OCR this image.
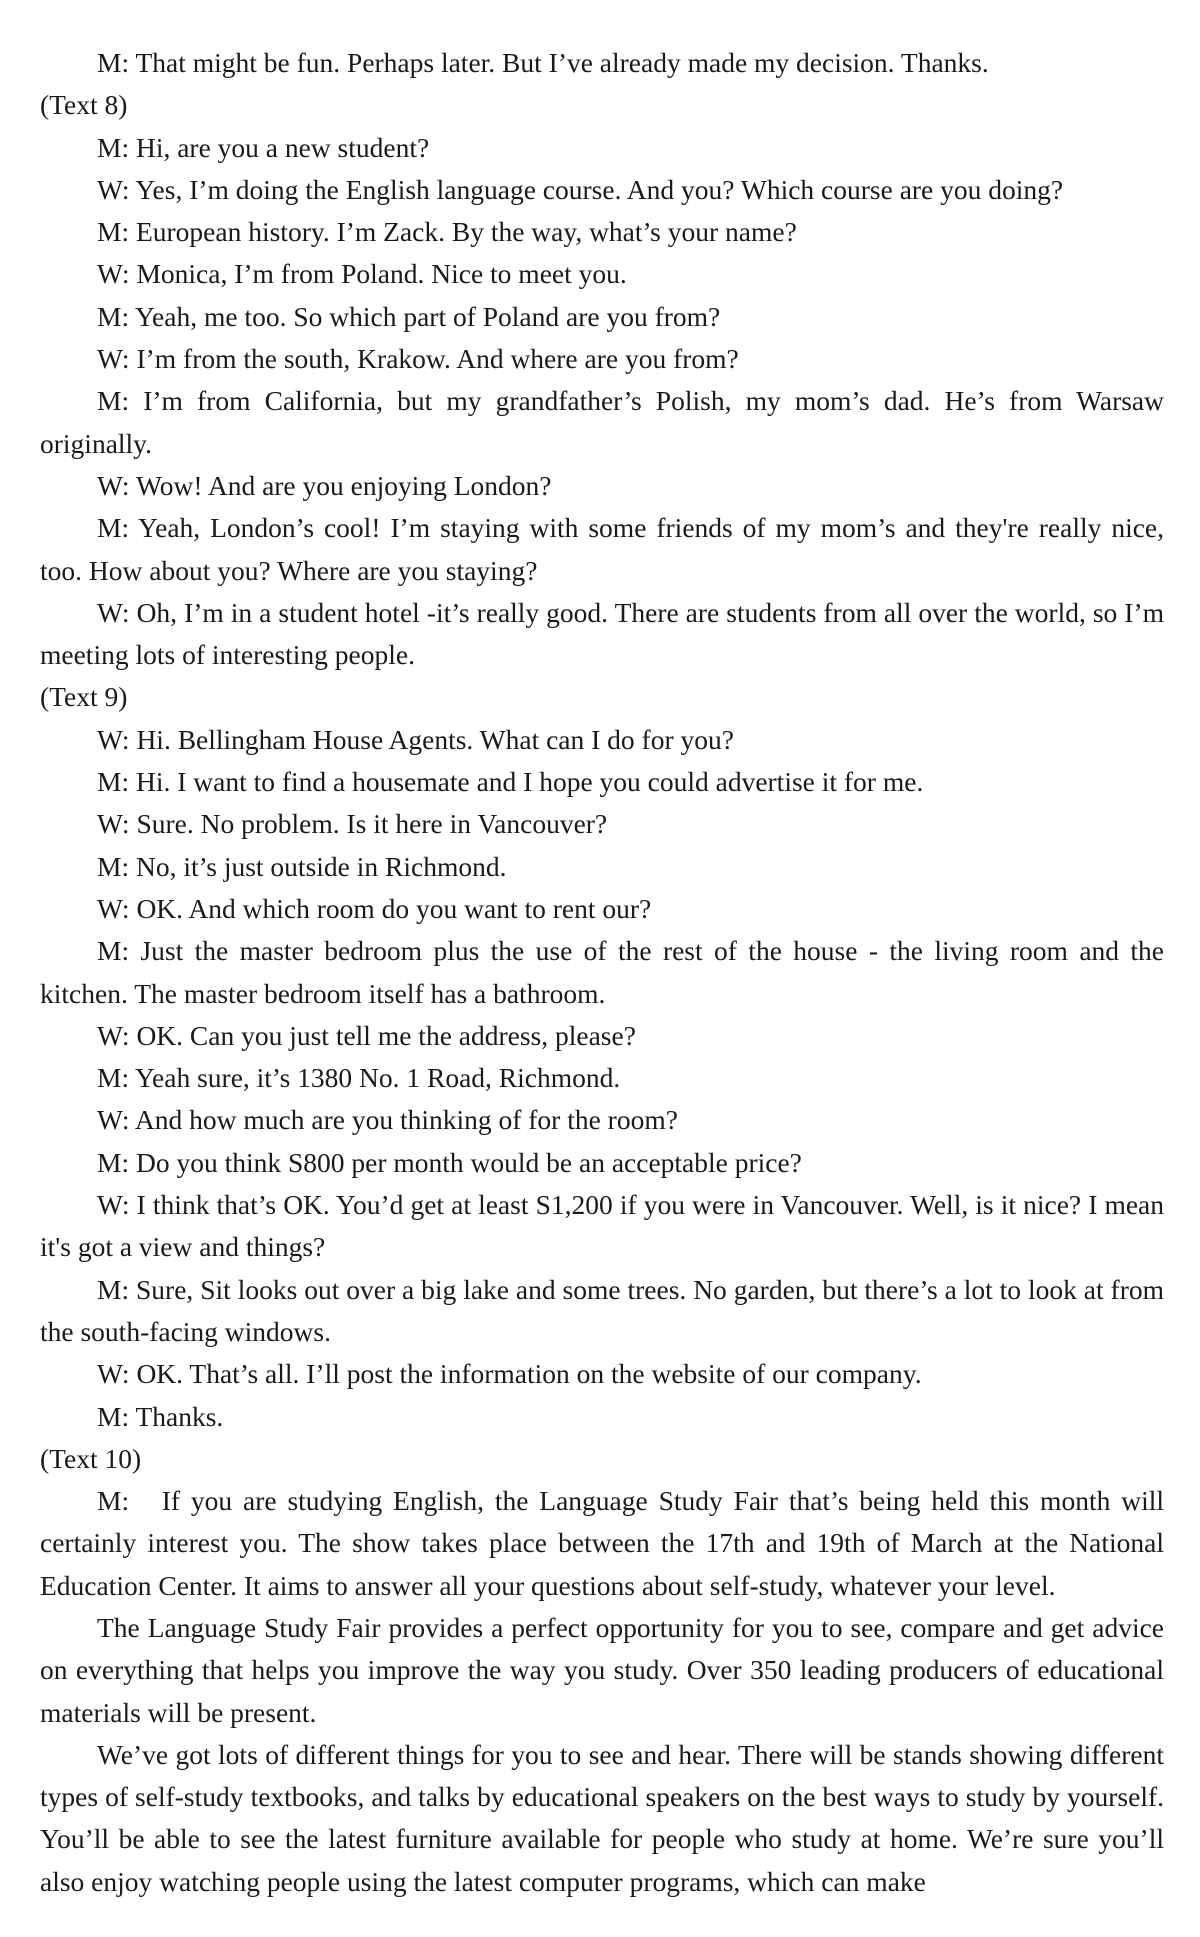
M: That might be fun. Perhaps later. But I’ve already made my decision. Thanks.

(Text 8)

M: Hi, are you a new student?

W: Yes, I’m doing the English language course. And you? Which course are you doing?

M: European history. I’m Zack. By the way, what’s your name?

W: Monica, I’m from Poland. Nice to meet you.

M: Yeah, me too. So which part of Poland are you from?

W: I’m from the south, Krakow. And where are you from?

M: I’m from California, but my grandfather’s Polish, my mom’s dad. He’s from Warsaw originally.

W: Wow! And are you enjoying London?

M: Yeah, London’s cool! I’m staying with some friends of my mom’s and they're really nice, too. How about you? Where are you staying?

W: Oh, I’m in a student hotel -it’s really good. There are students from all over the world, so I’m meeting lots of interesting people.

(Text 9)

W: Hi. Bellingham House Agents. What can I do for you?

M: Hi. I want to find a housemate and I hope you could advertise it for me.

W: Sure. No problem. Is it here in Vancouver?

M: No, it’s just outside in Richmond.

W: OK. And which room do you want to rent our?

M: Just the master bedroom plus the use of the rest of the house - the living room and the kitchen. The master bedroom itself has a bathroom.

W: OK. Can you just tell me the address, please?

M: Yeah sure, it’s 1380 No. 1 Road, Richmond.

W: And how much are you thinking of for the room?

M: Do you think S800 per month would be an acceptable price?

W: I think that’s OK. You’d get at least S1,200 if you were in Vancouver. Well, is it nice? I mean it's got a view and things?

M: Sure, Sit looks out over a big lake and some trees. No garden, but there’s a lot to look at from the south-facing windows.

W: OK. That’s all. I’ll post the information on the website of our company.

M: Thanks.

(Text 10)

M:   If you are studying English, the Language Study Fair that’s being held this month will certainly interest you. The show takes place between the 17th and 19th of March at the National Education Center. It aims to answer all your questions about self-study, whatever your level.

The Language Study Fair provides a perfect opportunity for you to see, compare and get advice on everything that helps you improve the way you study. Over 350 leading producers of educational materials will be present.

We’ve got lots of different things for you to see and hear. There will be stands showing different types of self-study textbooks, and talks by educational speakers on the best ways to study by yourself. You’ll be able to see the latest furniture available for people who study at home. We’re sure you’ll also enjoy watching people using the latest computer programs, which can make
